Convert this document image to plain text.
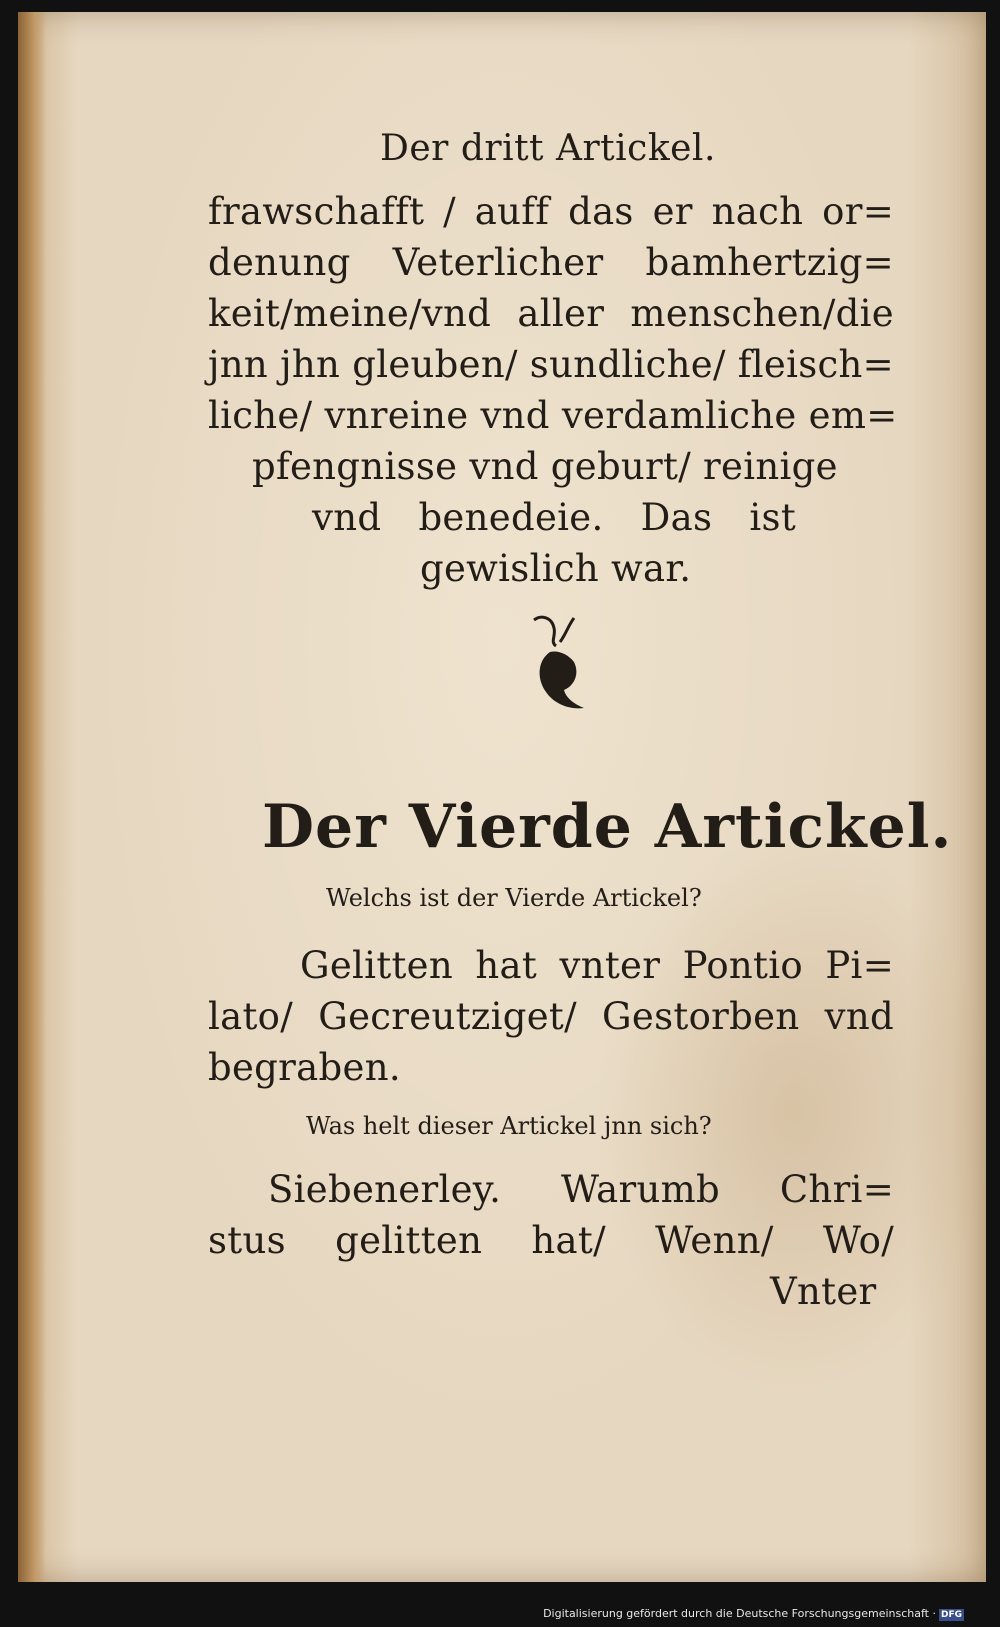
Der dritt Artickel.
frawschafft / auff das er nach or=
denung Veterlicher bamhertzig=
keit/meine/vnd aller menschen/die
jnn jhn gleuben/ sundliche/ fleisch=
liche/ vnreine vnd verdamliche em=
pfengnisse vnd geburt/ reinige
vnd benedeie. Das ist
gewislich war.
Der Vierde Artickel.
Welchs ist der Vierde Artickel?
Gelitten hat vnter Pontio Pi=
lato/ Gecreutziget/ Gestorben vnd
begraben.
Was helt dieser Artickel jnn sich?
Siebenerley. Warumb Chri=
stus gelitten hat/ Wenn/ Wo/
Vnter
Digitalisierung gefördert durch die Deutsche Forschungsgemeinschaft · DFG
